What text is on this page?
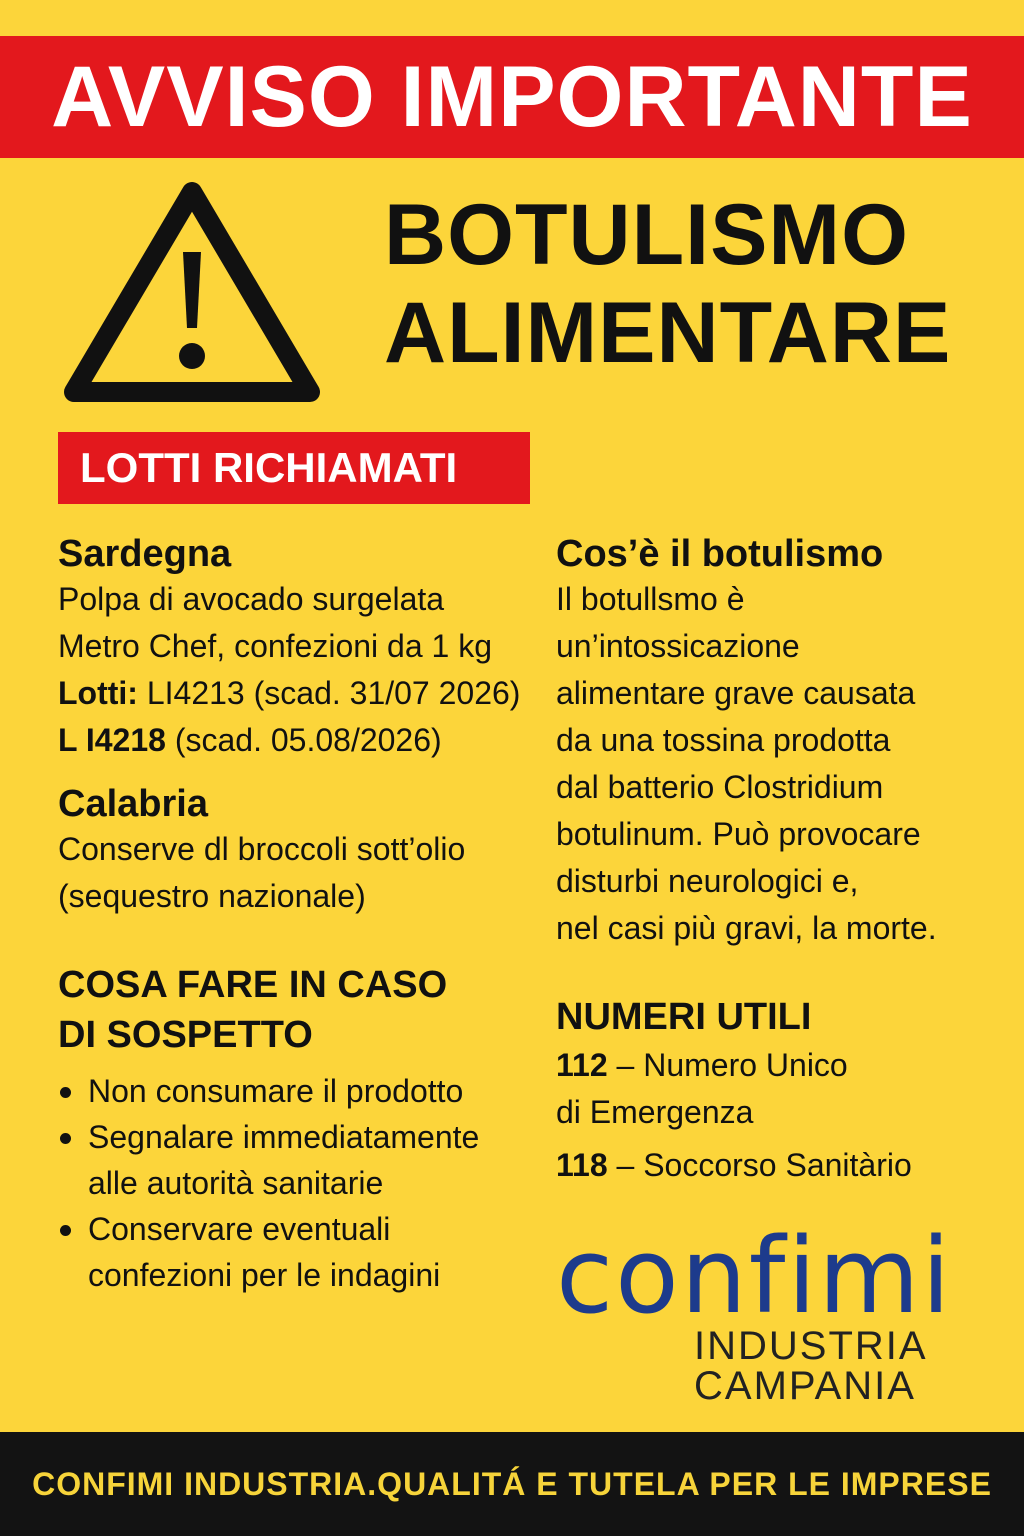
AVVISO IMPORTANTE
BOTULISMO
ALIMENTARE
LOTTI RICHIAMATI

Sardegna

Polpa di avocado surgelata

Metro Chef, confezioni da 1 kg

Lotti: LI4213 (scad. 31/07 2026)

L I4218 (scad. 05.08/2026)

Calabria

Conserve dl broccoli sott’olio

(sequestro nazionale)

COSA FARE IN CASO

DI SOSPETTO

Non consumare il prodotto
Segnalare immediatamente
alle autorità sanitarie
Conservare eventuali
confezioni per le indagini

Cos’è il botulismo

Il botullsmo è

un’intossicazione

alimentare grave causata

da una tossina prodotta

dal batterio Clostridium

botulinum. Può provocare

disturbi neurologici e,

nel casi più gravi, la morte.

NUMERI UTILI

112 – Numero Unico

di Emergenza

118 – Soccorso Sanitàrio

confimi
INDUSTRIA
CAMPANIA
CONFIMI INDUSTRIA.QUALITÁ E TUTELA PER LE IMPRESE
